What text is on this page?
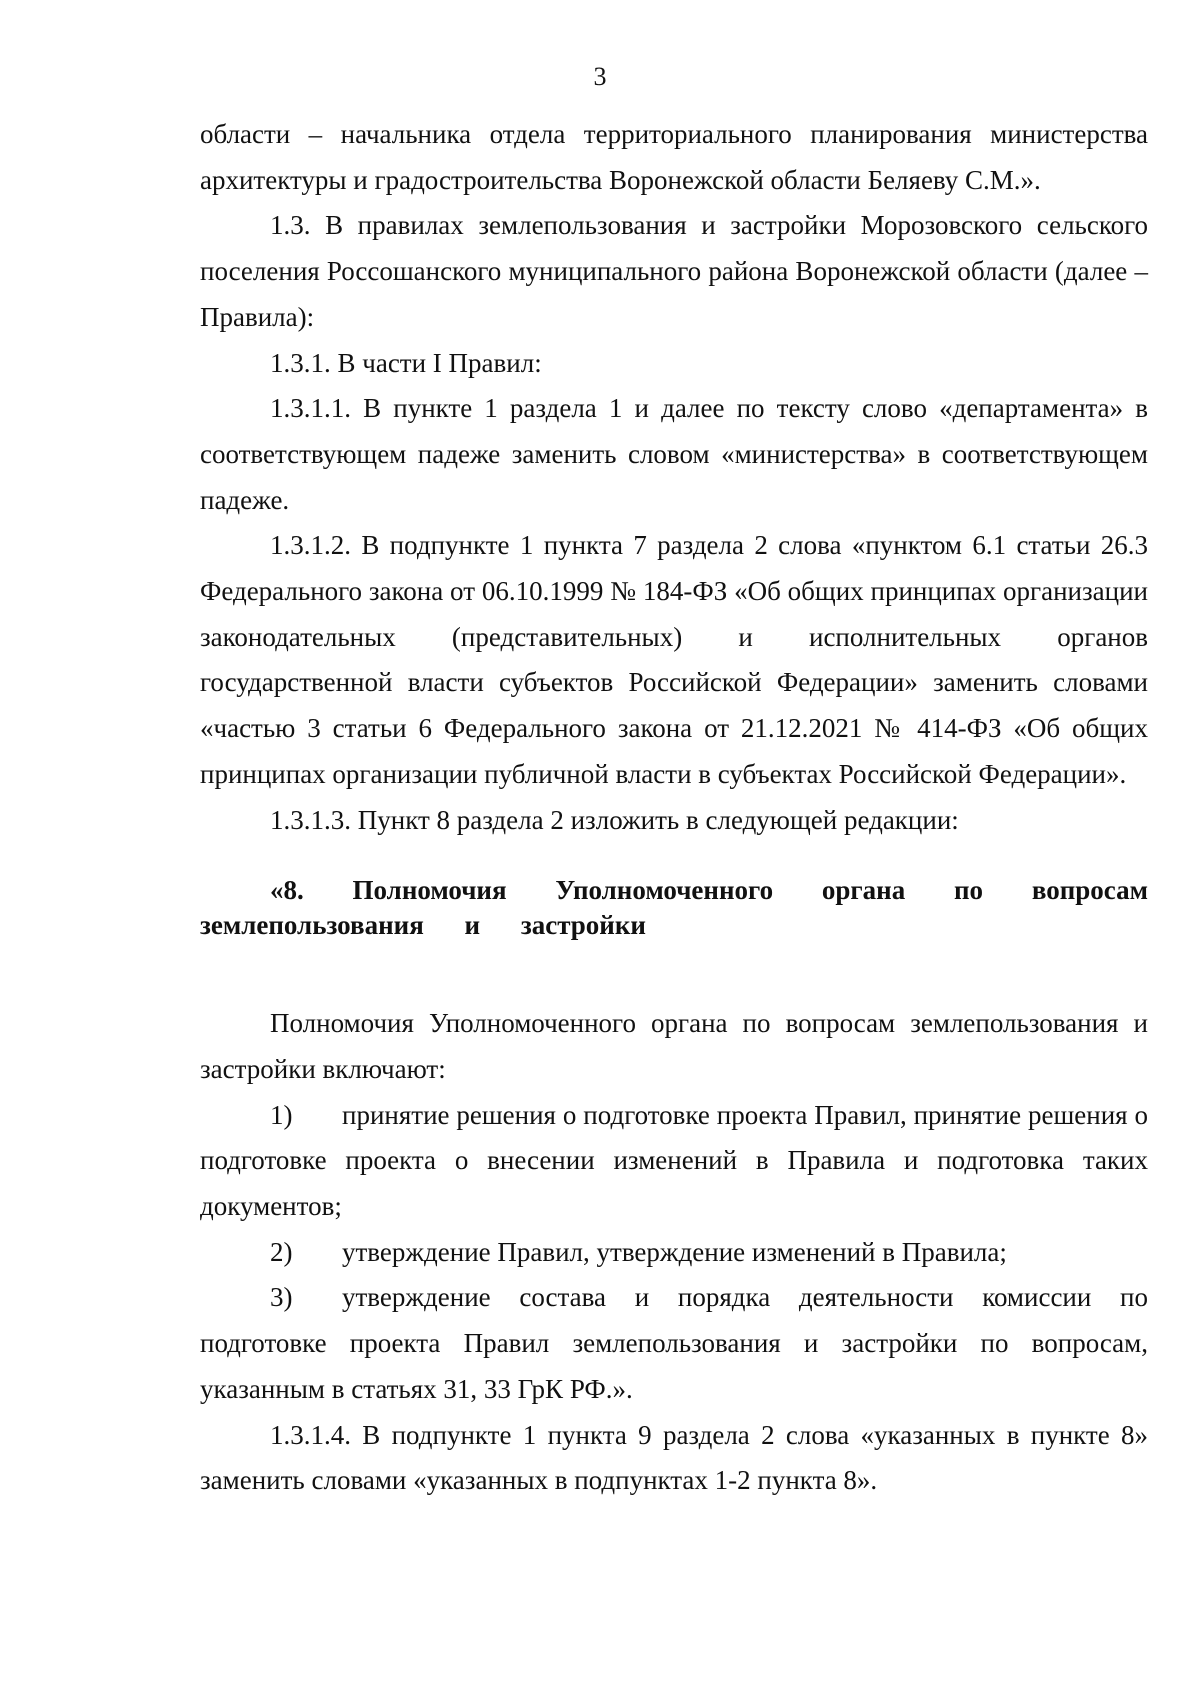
3

области – начальника отдела территориального планирования министерства архитектуры и градостроительства Воронежской области Беляеву С.М.».

1.3. В правилах землепользования и застройки Морозовского сельского поселения Россошанского муниципального района Воронежской области (далее – Правила):

1.3.1. В части I Правил:

1.3.1.1. В пункте 1 раздела 1 и далее по тексту слово «департамента» в соответствующем падеже заменить словом «министерства» в соответствующем падеже.

1.3.1.2. В подпункте 1 пункта 7 раздела 2 слова «пунктом 6.1 статьи 26.3 Федерального закона от 06.10.1999 № 184-ФЗ «Об общих принципах организации законодательных (представительных) и исполнительных органов государственной власти субъектов Российской Федерации» заменить словами «частью 3 статьи 6 Федерального закона от 21.12.2021 № 414-ФЗ «Об общих принципах организации публичной власти в субъектах Российской Федерации».

1.3.1.3. Пункт 8 раздела 2 изложить в следующей редакции:

«8. Полномочия Уполномоченного органа по вопросам землепользования и застройки

Полномочия Уполномоченного органа по вопросам землепользования и застройки включают:

1) принятие решения о подготовке проекта Правил, принятие решения о подготовке проекта о внесении изменений в Правила и подготовка таких документов;

2) утверждение Правил, утверждение изменений в Правила;

3) утверждение состава и порядка деятельности комиссии по подготовке проекта Правил землепользования и застройки по вопросам, указанным в статьях 31, 33 ГрК РФ.».

1.3.1.4. В подпункте 1 пункта 9 раздела 2 слова «указанных в пункте 8» заменить словами «указанных в подпунктах 1-2 пункта 8».
